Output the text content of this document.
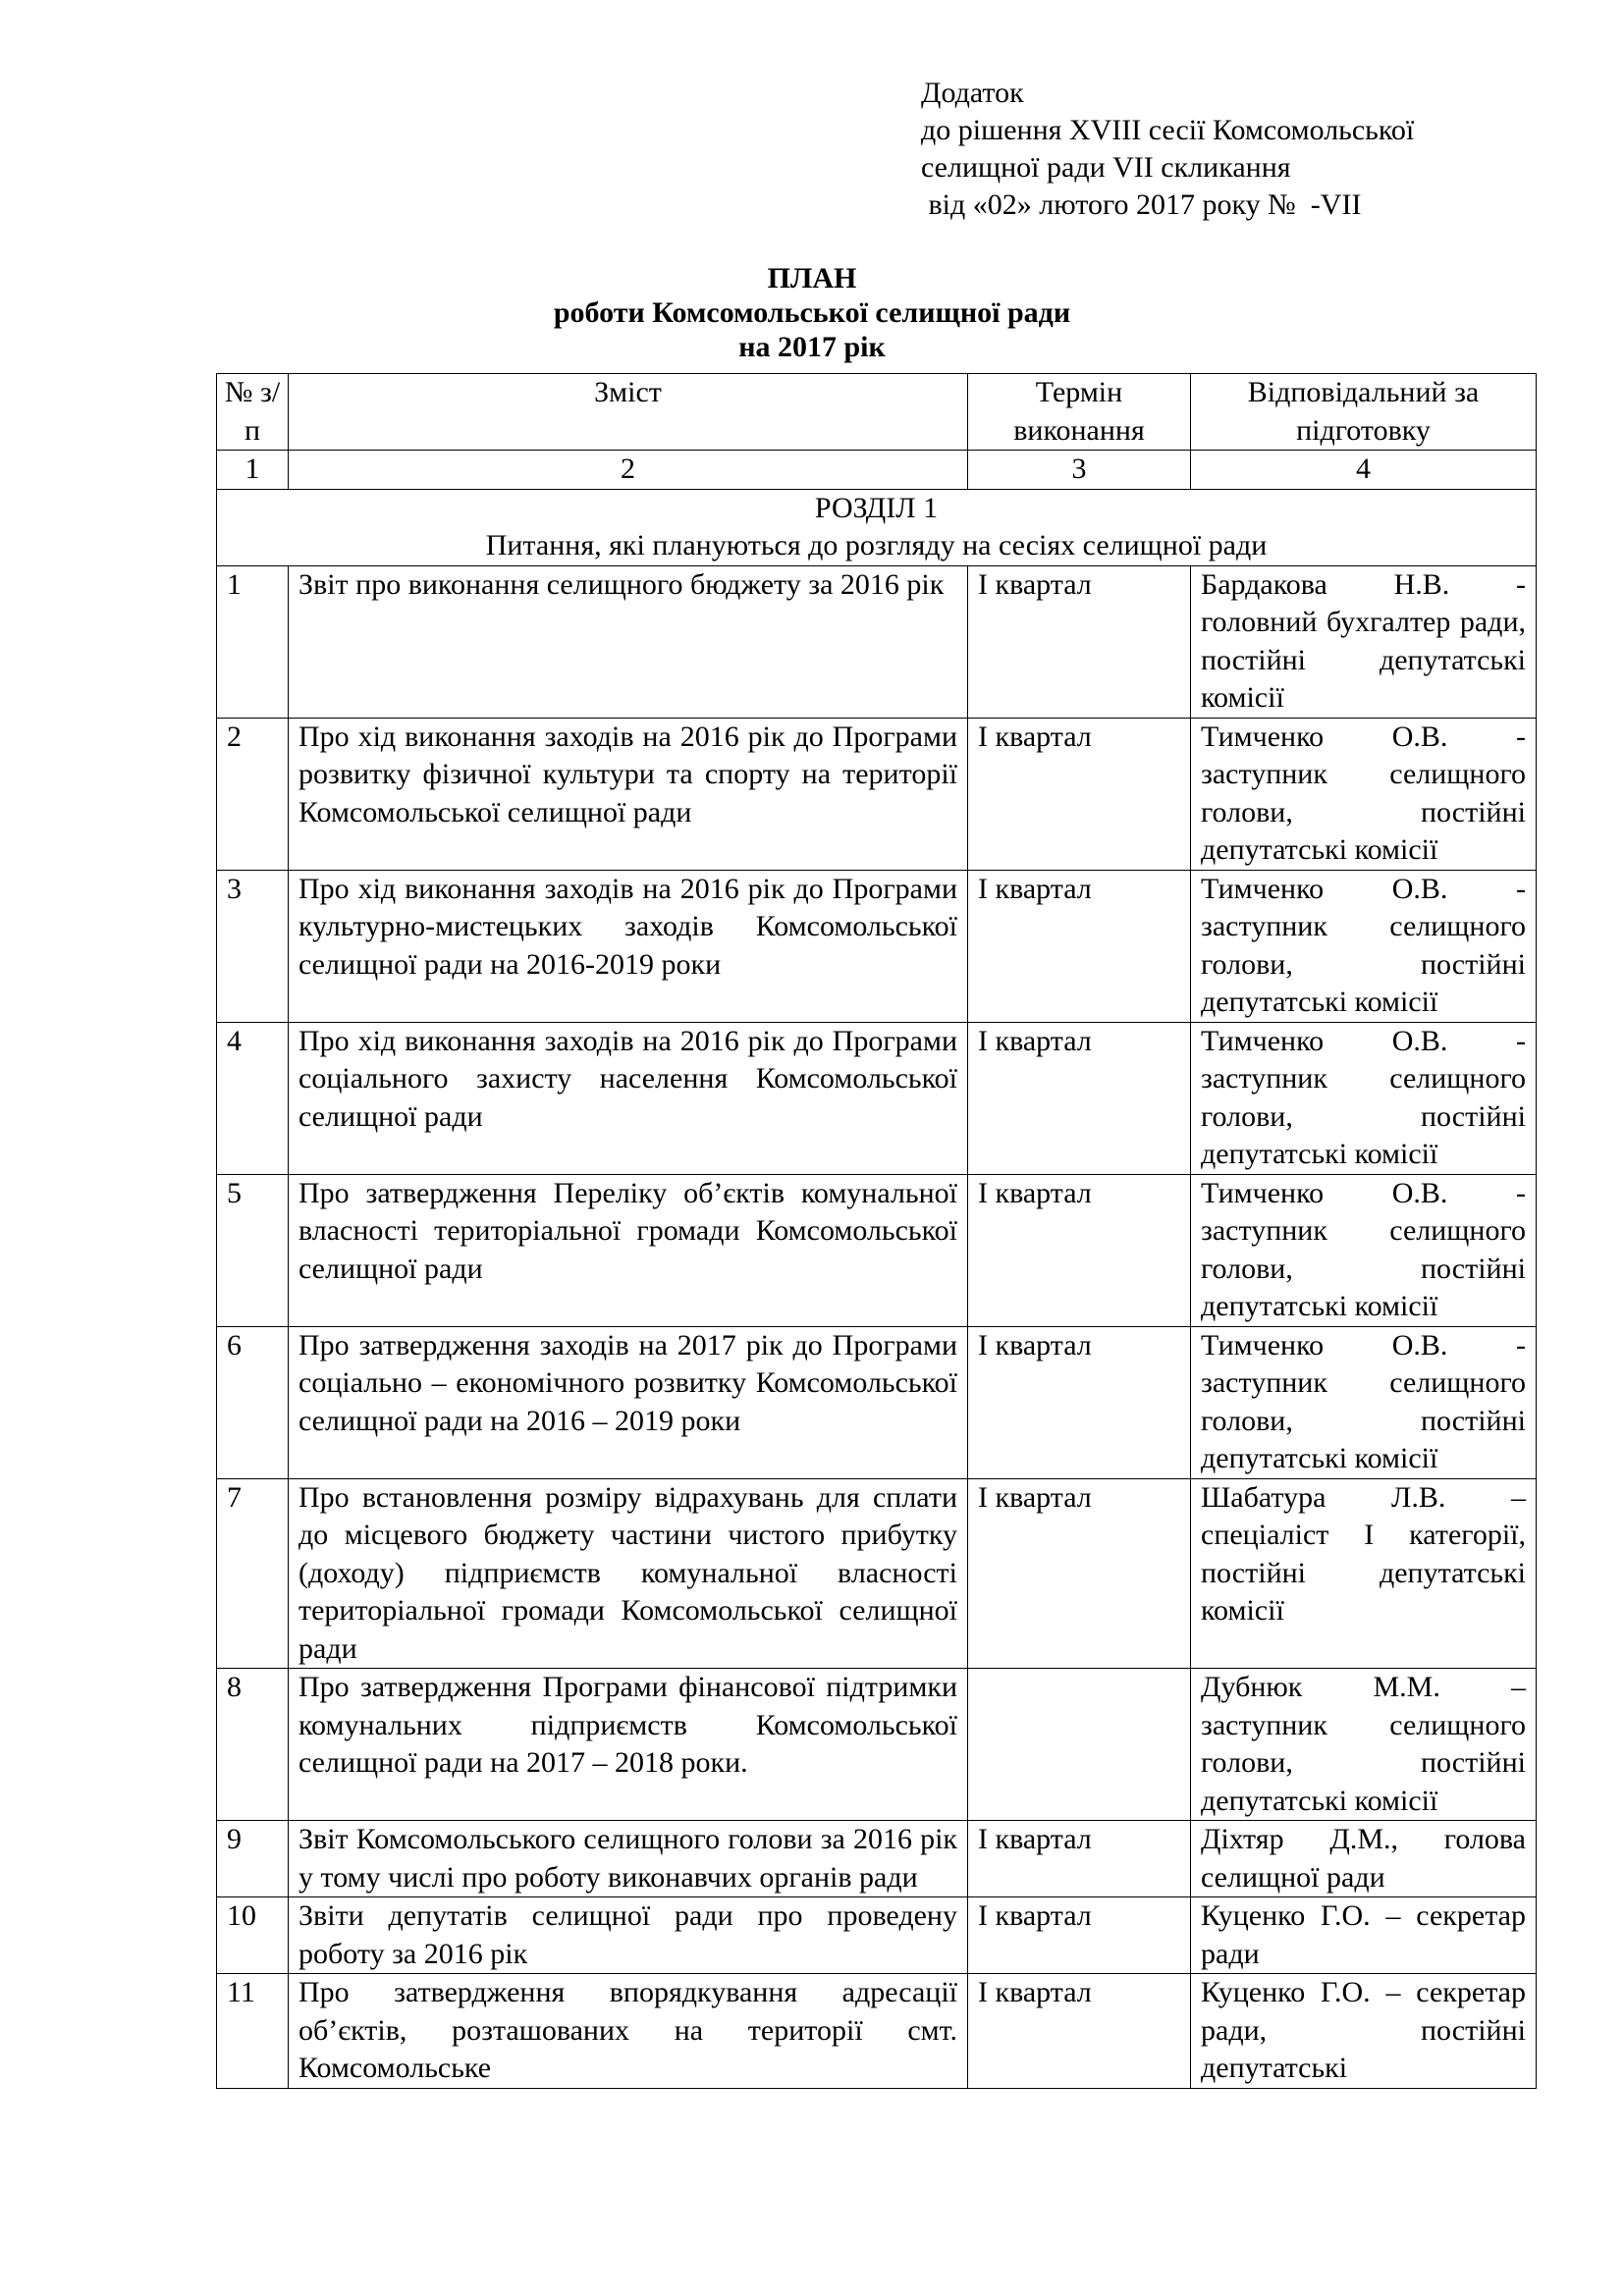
Додаток
до рішення XVIII сесії Комсомольської
селищної ради VII скликання
від «02» лютого 2017 року №  -VII
ПЛАН
роботи Комсомольської селищної ради
на 2017 рік
№ з/п	Зміст	Термін виконання	Відповідальний за підготовку
1	2	3	4

РОЗДІЛ 1
Питання, які плануються до розгляду на сесіях селищної ради			

1	Звіт про виконання селищного бюджету за 2016 рік	І квартал	Бардакова Н.В. - головний бухгалтер ради, постійні депутатські комісії
2	Про хід виконання заходів на 2016 рік до Програми розвитку фізичної культури та спорту на території Комсомольської селищної ради	І квартал	Тимченко О.В. - заступник селищного голови, постійні депутатські комісії
3	Про хід виконання заходів на 2016 рік до Програми культурно-мистецьких заходів Комсомольської селищної ради на 2016-2019 роки	І квартал	Тимченко О.В. - заступник селищного голови, постійні депутатські комісії
4	Про хід виконання заходів на 2016 рік до Програми соціального захисту населення Комсомольської селищної ради	І квартал	Тимченко О.В. - заступник селищного голови, постійні депутатські комісії
5	Про затвердження Переліку об’єктів комунальної власності територіальної громади Комсомольської селищної ради	І квартал	Тимченко О.В. - заступник селищного голови, постійні депутатські комісії
6	Про затвердження заходів на 2017 рік до Програми соціально – економічного розвитку Комсомольської селищної ради на 2016 – 2019 роки	І квартал	Тимченко О.В. - заступник селищного голови, постійні депутатські комісії
7	Про встановлення розміру відрахувань для сплати до місцевого бюджету частини чистого прибутку (доходу) підприємств комунальної власності територіальної громади Комсомольської селищної ради	І квартал	Шабатура Л.В. – спеціаліст І категорії, постійні депутатські комісії
8	Про затвердження Програми фінансової підтримки комунальних підприємств Комсомольської селищної ради на 2017 – 2018 роки.		Дубнюк М.М. – заступник селищного голови, постійні депутатські комісії
9	Звіт Комсомольського селищного голови за 2016 рік у тому числі про роботу виконавчих органів ради	І квартал	Діхтяр Д.М., голова селищної ради
10	Звіти депутатів селищної ради про проведену роботу за 2016 рік	І квартал	Куценко Г.О. – секретар ради
11	Про затвердження впорядкування адресації об’єктів, розташованих на території смт. Комсомольське	І квартал	Куценко Г.О. – секретар ради, постійні депутатські
